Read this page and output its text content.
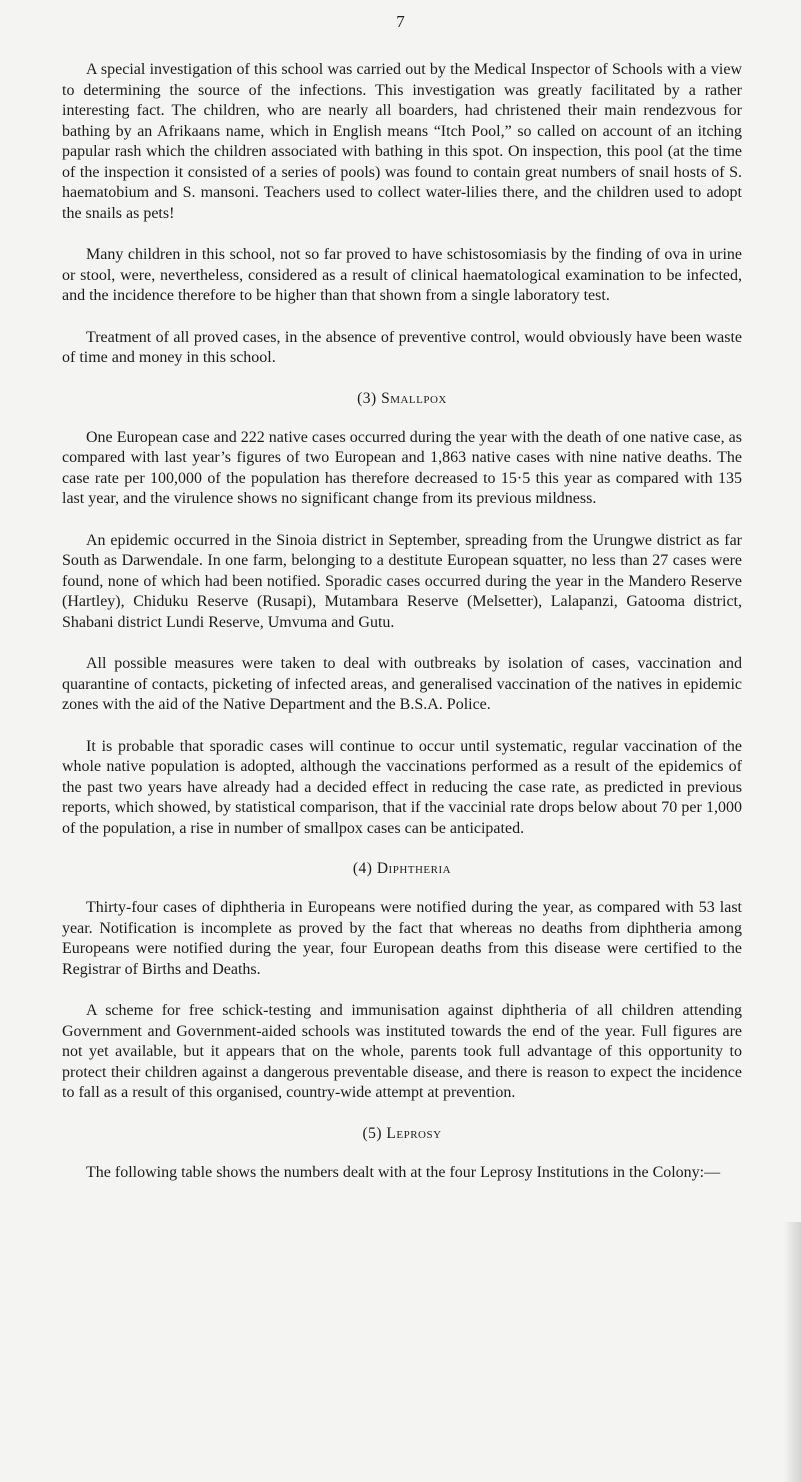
7

A special investigation of this school was carried out by the Medical Inspector of Schools with a view to determining the source of the infections. This investigation was greatly facilitated by a rather interesting fact. The children, who are nearly all boarders, had christened their main rendezvous for bathing by an Afrikaans name, which in English means “Itch Pool,” so called on account of an itching papular rash which the children associated with bathing in this spot. On inspection, this pool (at the time of the inspection it consisted of a series of pools) was found to contain great numbers of snail hosts of S. haematobium and S. mansoni. Teachers used to collect water-lilies there, and the children used to adopt the snails as pets!

Many children in this school, not so far proved to have schistosomiasis by the finding of ova in urine or stool, were, nevertheless, considered as a result of clinical haematological examination to be infected, and the incidence therefore to be higher than that shown from a single laboratory test.

Treatment of all proved cases, in the absence of preventive control, would obviously have been waste of time and money in this school.

(3) Smallpox

One European case and 222 native cases occurred during the year with the death of one native case, as compared with last year’s figures of two European and 1,863 native cases with nine native deaths. The case rate per 100,000 of the population has therefore decreased to 15·5 this year as compared with 135 last year, and the virulence shows no significant change from its previous mildness.

An epidemic occurred in the Sinoia district in September, spreading from the Urungwe district as far South as Darwendale. In one farm, belonging to a destitute European squatter, no less than 27 cases were found, none of which had been notified. Sporadic cases occurred during the year in the Mandero Reserve (Hartley), Chiduku Reserve (Rusapi), Mutambara Reserve (Melsetter), Lalapanzi, Gatooma district, Shabani district Lundi Reserve, Umvuma and Gutu.

All possible measures were taken to deal with outbreaks by isolation of cases, vaccination and quarantine of contacts, picketing of infected areas, and generalised vaccination of the natives in epidemic zones with the aid of the Native Department and the B.S.A. Police.

It is probable that sporadic cases will continue to occur until systematic, regular vaccination of the whole native population is adopted, although the vaccinations performed as a result of the epidemics of the past two years have already had a decided effect in reducing the case rate, as predicted in previous reports, which showed, by statistical comparison, that if the vaccinial rate drops below about 70 per 1,000 of the population, a rise in number of smallpox cases can be anticipated.

(4) Diphtheria

Thirty-four cases of diphtheria in Europeans were notified during the year, as compared with 53 last year. Notification is incomplete as proved by the fact that whereas no deaths from diphtheria among Europeans were notified during the year, four European deaths from this disease were certified to the Registrar of Births and Deaths.

A scheme for free schick-testing and immunisation against diphtheria of all children attending Government and Government-aided schools was instituted towards the end of the year. Full figures are not yet available, but it appears that on the whole, parents took full advantage of this opportunity to protect their children against a dangerous preventable disease, and there is reason to expect the incidence to fall as a result of this organised, country-wide attempt at prevention.

(5) Leprosy

The following table shows the numbers dealt with at the four Leprosy Institutions in the Colony:—
